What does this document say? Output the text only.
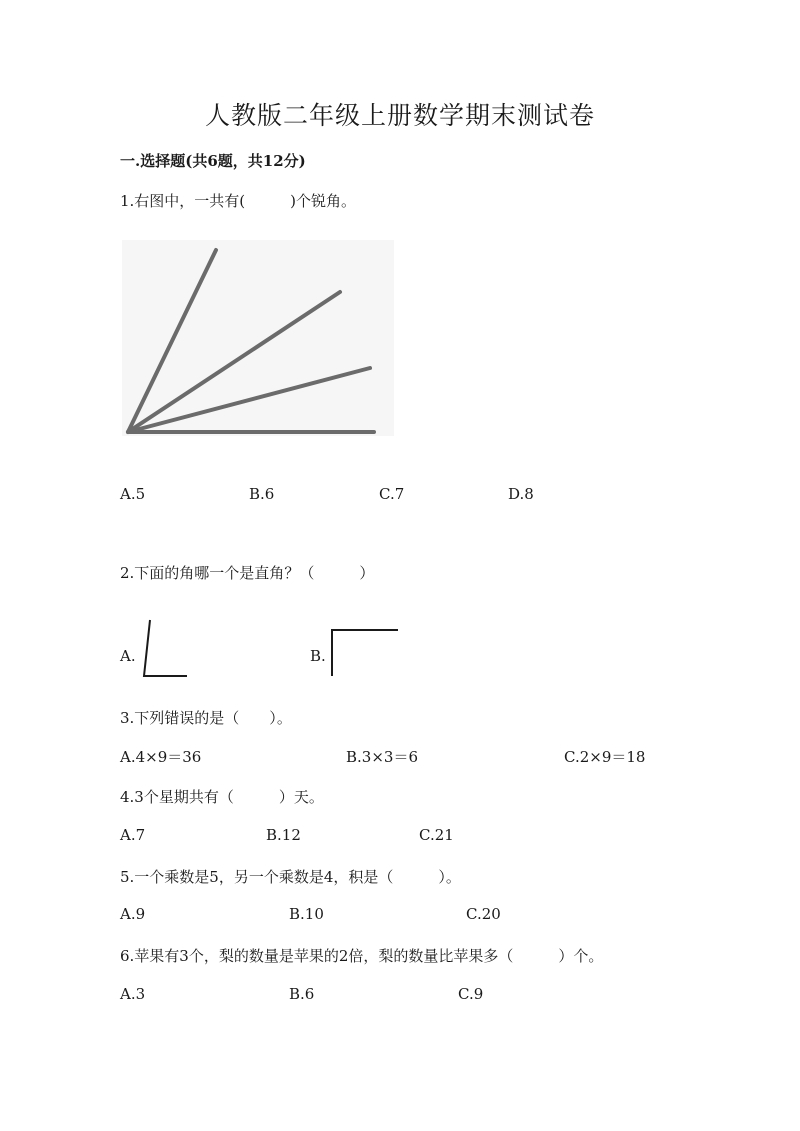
人教版二年级上册数学期末测试卷
一.选择题(共6题，共12分)
1.右图中，一共有(　　　)个锐角。
A.5	B.6	C.7	D.8
2.下面的角哪一个是直角？（　　　）
A.	B.
3.下列错误的是（　　）。
A.4×9＝36	B.3×3＝6	C.2×9＝18
4.3个星期共有（　　　）天。
A.7	B.12	C.21
5.一个乘数是5，另一个乘数是4，积是（　　　）。
A.9	B.10	C.20
6.苹果有3个，梨的数量是苹果的2倍，梨的数量比苹果多（　　　）个。
A.3	B.6	C.9
